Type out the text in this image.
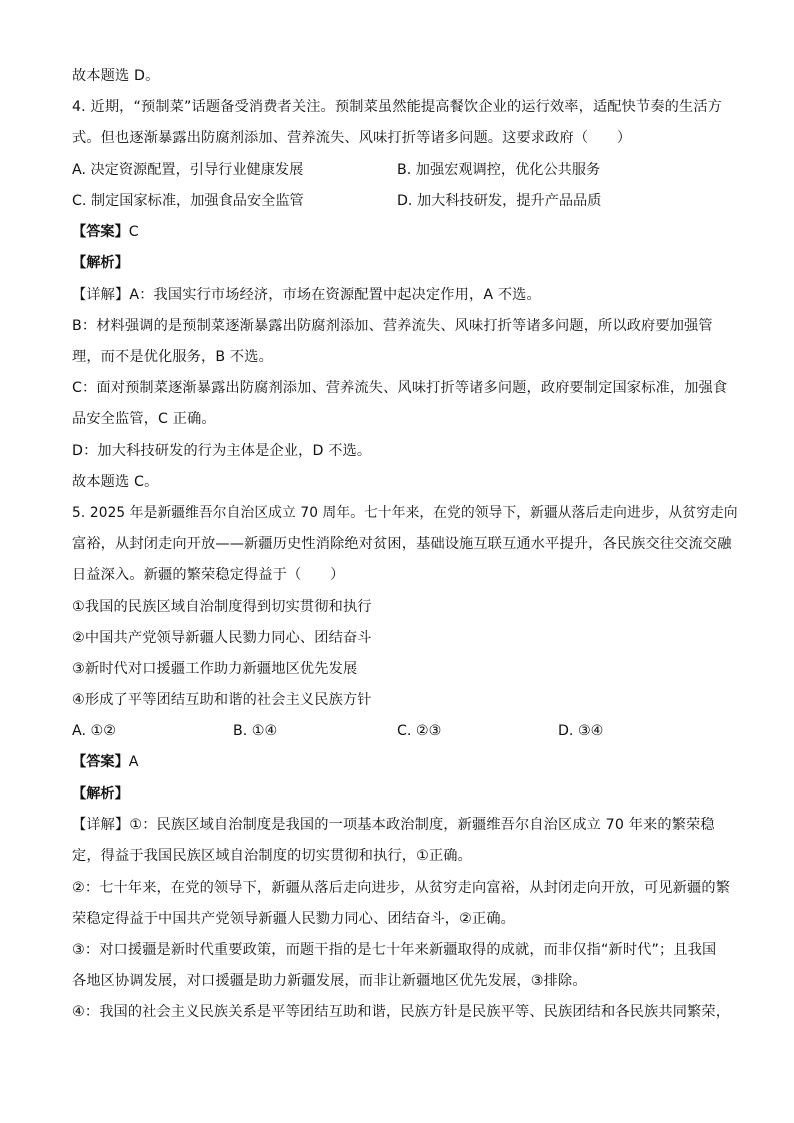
故本题选 D。
4. 近期，“预制菜”话题备受消费者关注。预制菜虽然能提高餐饮企业的运行效率，适配快节奏的生活方
式。但也逐渐暴露出防腐剂添加、营养流失、风味打折等诸多问题。这要求政府（　　）
A. 决定资源配置，引导行业健康发展	B. 加强宏观调控，优化公共服务
C. 制定国家标准，加强食品安全监管	D. 加大科技研发，提升产品品质
【答案】C
【解析】
【详解】A：我国实行市场经济，市场在资源配置中起决定作用，A 不选。
B：材料强调的是预制菜逐渐暴露出防腐剂添加、营养流失、风味打折等诸多问题，所以政府要加强管
理，而不是优化服务，B 不选。
C：面对预制菜逐渐暴露出防腐剂添加、营养流失、风味打折等诸多问题，政府要制定国家标准，加强食
品安全监管，C 正确。
D：加大科技研发的行为主体是企业，D 不选。
故本题选 C。
5. 2025 年是新疆维吾尔自治区成立 70 周年。七十年来，在党的领导下，新疆从落后走向进步，从贫穷走向
富裕，从封闭走向开放——新疆历史性消除绝对贫困，基础设施互联互通水平提升，各民族交往交流交融
日益深入。新疆的繁荣稳定得益于（　　）
①我国的民族区域自治制度得到切实贯彻和执行
②中国共产党领导新疆人民勠力同心、团结奋斗
③新时代对口援疆工作助力新疆地区优先发展
④形成了平等团结互助和谐的社会主义民族方针
A. ①②	B. ①④	C. ②③	D. ③④
【答案】A
【解析】
【详解】①：民族区域自治制度是我国的一项基本政治制度，新疆维吾尔自治区成立 70 年来的繁荣稳
定，得益于我国民族区域自治制度的切实贯彻和执行，①正确。
②：七十年来，在党的领导下，新疆从落后走向进步，从贫穷走向富裕，从封闭走向开放，可见新疆的繁
荣稳定得益于中国共产党领导新疆人民勠力同心、团结奋斗，②正确。
③：对口援疆是新时代重要政策，而题干指的是七十年来新疆取得的成就，而非仅指“新时代”；且我国
各地区协调发展，对口援疆是助力新疆发展，而非让新疆地区优先发展，③排除。
④：我国的社会主义民族关系是平等团结互助和谐，民族方针是民族平等、民族团结和各民族共同繁荣，
